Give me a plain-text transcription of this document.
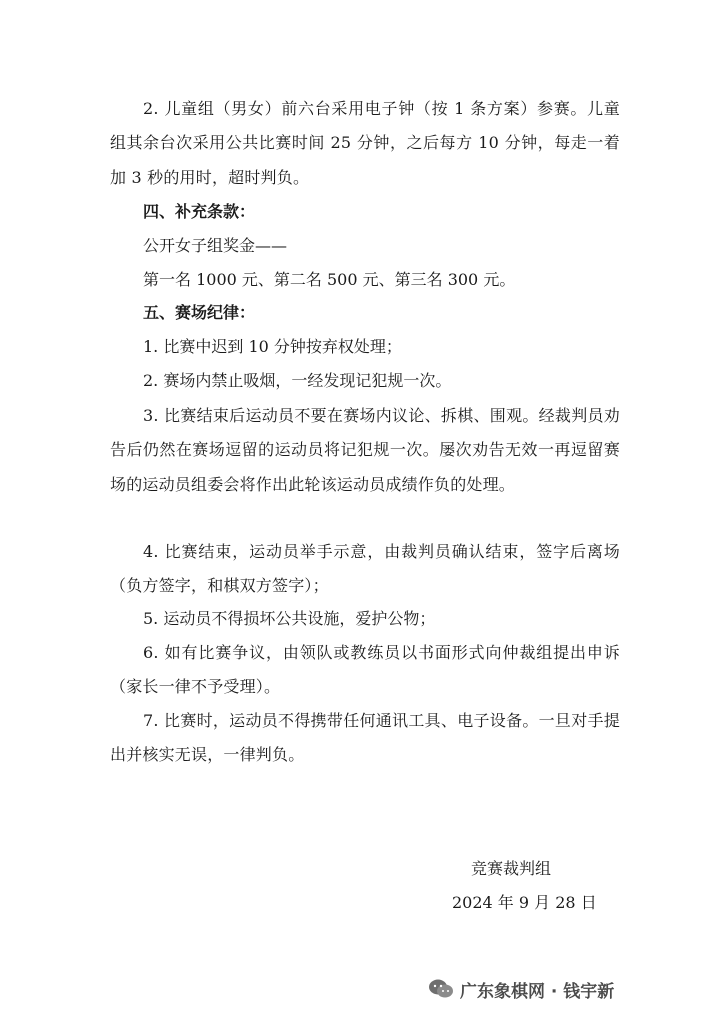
2. 儿童组（男女）前六台采用电子钟（按 1 条方案）参赛。儿童组其余台次采用公共比赛时间 25 分钟，之后每方 10 分钟，每走一着加 3 秒的用时，超时判负。

四、补充条款：
公开女子组奖金——
第一名 1000 元、第二名 500 元、第三名 300 元。
五、赛场纪律：
1. 比赛中迟到 10 分钟按弃权处理；
2. 赛场内禁止吸烟，一经发现记犯规一次。

3. 比赛结束后运动员不要在赛场内议论、拆棋、围观。经裁判员劝告后仍然在赛场逗留的运动员将记犯规一次。屡次劝告无效一再逗留赛场的运动员组委会将作出此轮该运动员成绩作负的处理。

4. 比赛结束，运动员举手示意，由裁判员确认结束，签字后离场（负方签字，和棋双方签字）；

5. 运动员不得损坏公共设施，爱护公物；

6. 如有比赛争议，由领队或教练员以书面形式向仲裁组提出申诉（家长一律不予受理）。

7. 比赛时，运动员不得携带任何通讯工具、电子设备。一旦对手提出并核实无误，一律判负。

竞赛裁判组
2024 年 9 月 28 日
广东象棋网 · 钱宇新
